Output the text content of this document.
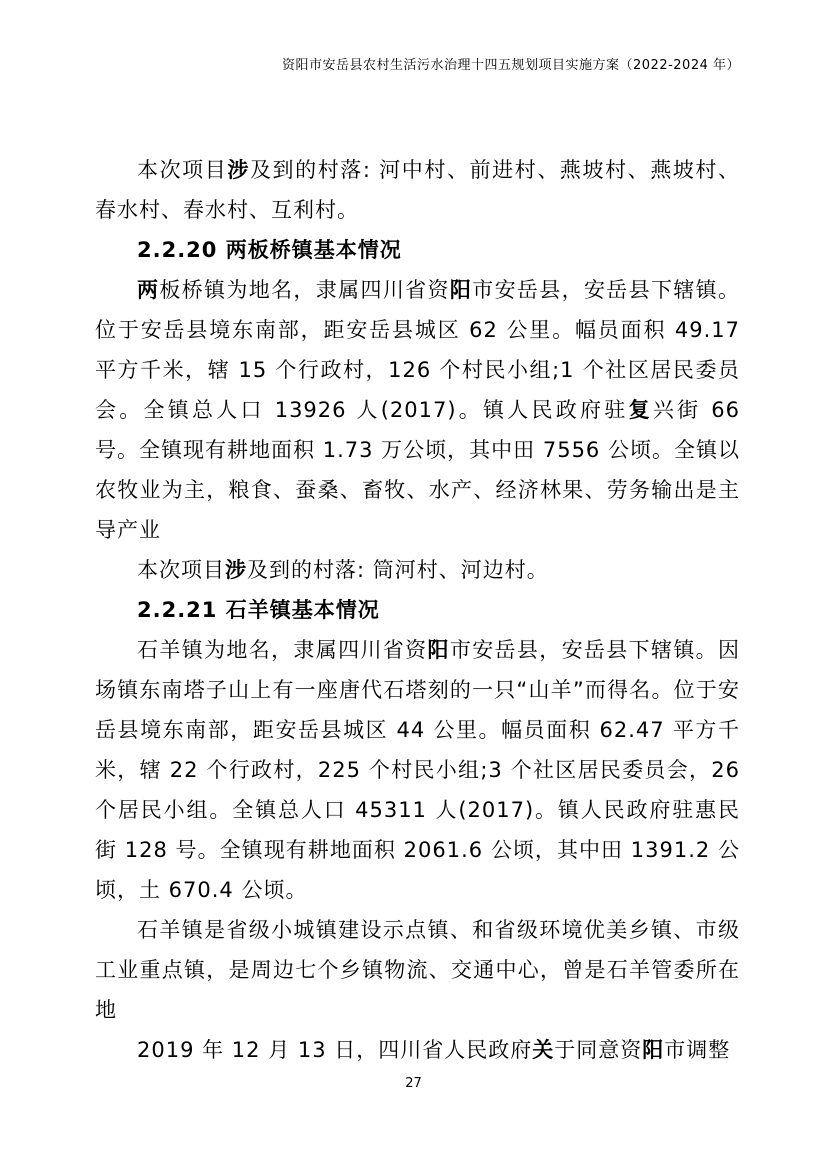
资阳市安岳县农村生活污水治理十四五规划项目实施方案（2022-2024 年）

本次项目涉及到的村落: 河中村、前进村、燕坡村、燕坡村、春水村、春水村、互利村。

2.2.20 两板桥镇基本情况

两板桥镇为地名，隶属四川省资阳市安岳县，安岳县下辖镇。位于安岳县境东南部，距安岳县城区 62 公里。幅员面积 49.17 平方千米，辖 15 个行政村，126 个村民小组;1 个社区居民委员会。全镇总人口 13926 人(2017)。镇人民政府驻复兴街 66 号。全镇现有耕地面积 1.73 万公顷，其中田 7556 公顷。全镇以农牧业为主，粮食、蚕桑、畜牧、水产、经济林果、劳务输出是主导产业

本次项目涉及到的村落: 筒河村、河边村。

2.2.21 石羊镇基本情况

石羊镇为地名，隶属四川省资阳市安岳县，安岳县下辖镇。因场镇东南塔子山上有一座唐代石塔刻的一只“山羊”而得名。位于安岳县境东南部，距安岳县城区 44 公里。幅员面积 62.47 平方千米，辖 22 个行政村，225 个村民小组;3 个社区居民委员会，26 个居民小组。全镇总人口 45311 人(2017)。镇人民政府驻惠民街 128 号。全镇现有耕地面积 2061.6 公顷，其中田 1391.2 公顷，土 670.4 公顷。

石羊镇是省级小城镇建设示点镇、和省级环境优美乡镇、市级工业重点镇，是周边七个乡镇物流、交通中心，曾是石羊管委所在地

2019 年 12 月 13 日，四川省人民政府关于同意资阳市调整

27
